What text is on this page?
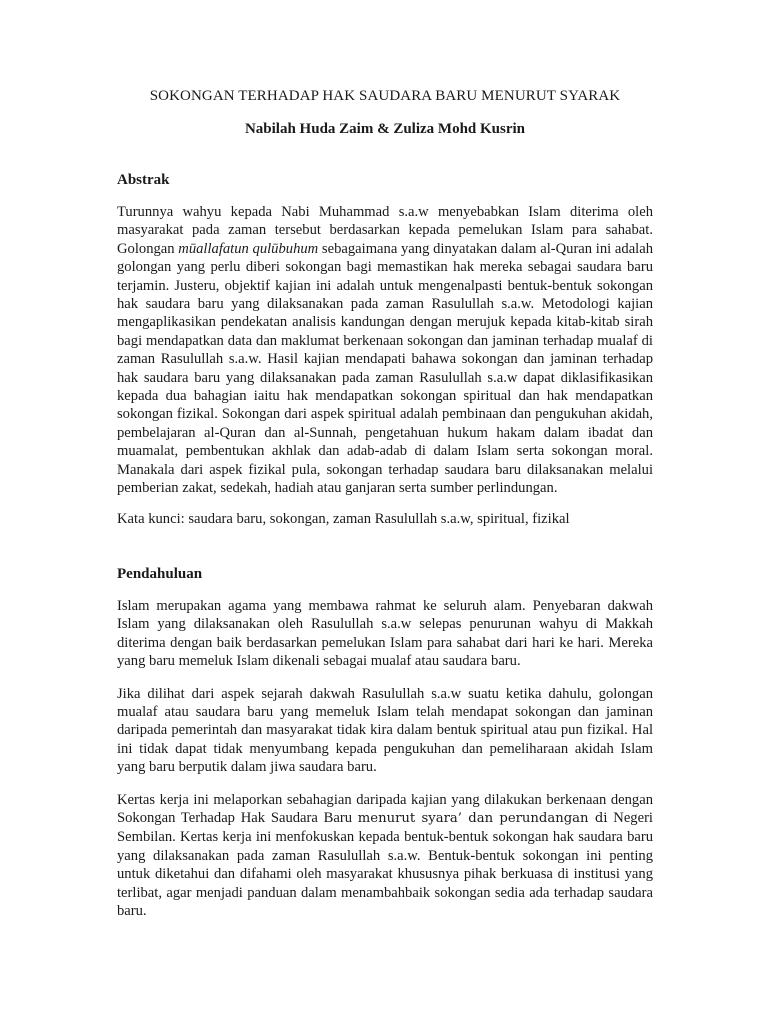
SOKONGAN TERHADAP HAK SAUDARA BARU MENURUT SYARAK
Nabilah Huda Zaim & Zuliza Mohd Kusrin
Abstrak

Turunnya wahyu kepada Nabi Muhammad s.a.w menyebabkan Islam diterima oleh masyarakat pada zaman tersebut berdasarkan kepada pemelukan Islam para sahabat. Golongan mūallafatun qulūbuhum sebagaimana yang dinyatakan dalam al-Quran ini adalah golongan yang perlu diberi sokongan bagi memastikan hak mereka sebagai saudara baru terjamin. Justeru, objektif kajian ini adalah untuk mengenalpasti bentuk-bentuk sokongan hak saudara baru yang dilaksanakan pada zaman Rasulullah s.a.w. Metodologi kajian mengaplikasikan pendekatan analisis kandungan dengan merujuk kepada kitab-kitab sirah bagi mendapatkan data dan maklumat berkenaan sokongan dan jaminan terhadap mualaf di zaman Rasulullah s.a.w. Hasil kajian mendapati bahawa sokongan dan jaminan terhadap hak saudara baru yang dilaksanakan pada zaman Rasulullah s.a.w dapat diklasifikasikan kepada dua bahagian iaitu hak mendapatkan sokongan spiritual dan hak mendapatkan sokongan fizikal. Sokongan dari aspek spiritual adalah pembinaan dan pengukuhan akidah, pembelajaran al-Quran dan al-Sunnah, pengetahuan hukum hakam dalam ibadat dan muamalat, pembentukan akhlak dan adab-adab di dalam Islam serta sokongan moral. Manakala dari aspek fizikal pula, sokongan terhadap saudara baru dilaksanakan melalui pemberian zakat, sedekah, hadiah atau ganjaran serta sumber perlindungan.

Kata kunci: saudara baru, sokongan, zaman Rasulullah s.a.w, spiritual, fizikal

Pendahuluan

Islam merupakan agama yang membawa rahmat ke seluruh alam. Penyebaran dakwah Islam yang dilaksanakan oleh Rasulullah s.a.w selepas penurunan wahyu di Makkah diterima dengan baik berdasarkan pemelukan Islam para sahabat dari hari ke hari. Mereka yang baru memeluk Islam dikenali sebagai mualaf atau saudara baru.

Jika dilihat dari aspek sejarah dakwah Rasulullah s.a.w suatu ketika dahulu, golongan mualaf atau saudara baru yang memeluk Islam telah mendapat sokongan dan jaminan daripada pemerintah dan masyarakat tidak kira dalam bentuk spiritual atau pun fizikal. Hal ini tidak dapat tidak menyumbang kepada pengukuhan dan pemeliharaan akidah Islam yang baru berputik dalam jiwa saudara baru.

Kertas kerja ini melaporkan sebahagian daripada kajian yang dilakukan berkenaan dengan Sokongan Terhadap Hak Saudara Baru menurut syara’ dan perundangan di Negeri Sembilan. Kertas kerja ini menfokuskan kepada bentuk-bentuk sokongan hak saudara baru yang dilaksanakan pada zaman Rasulullah s.a.w. Bentuk-bentuk sokongan ini penting untuk diketahui dan difahami oleh masyarakat khususnya pihak berkuasa di institusi yang terlibat, agar menjadi panduan dalam menambahbaik sokongan sedia ada terhadap saudara baru.
